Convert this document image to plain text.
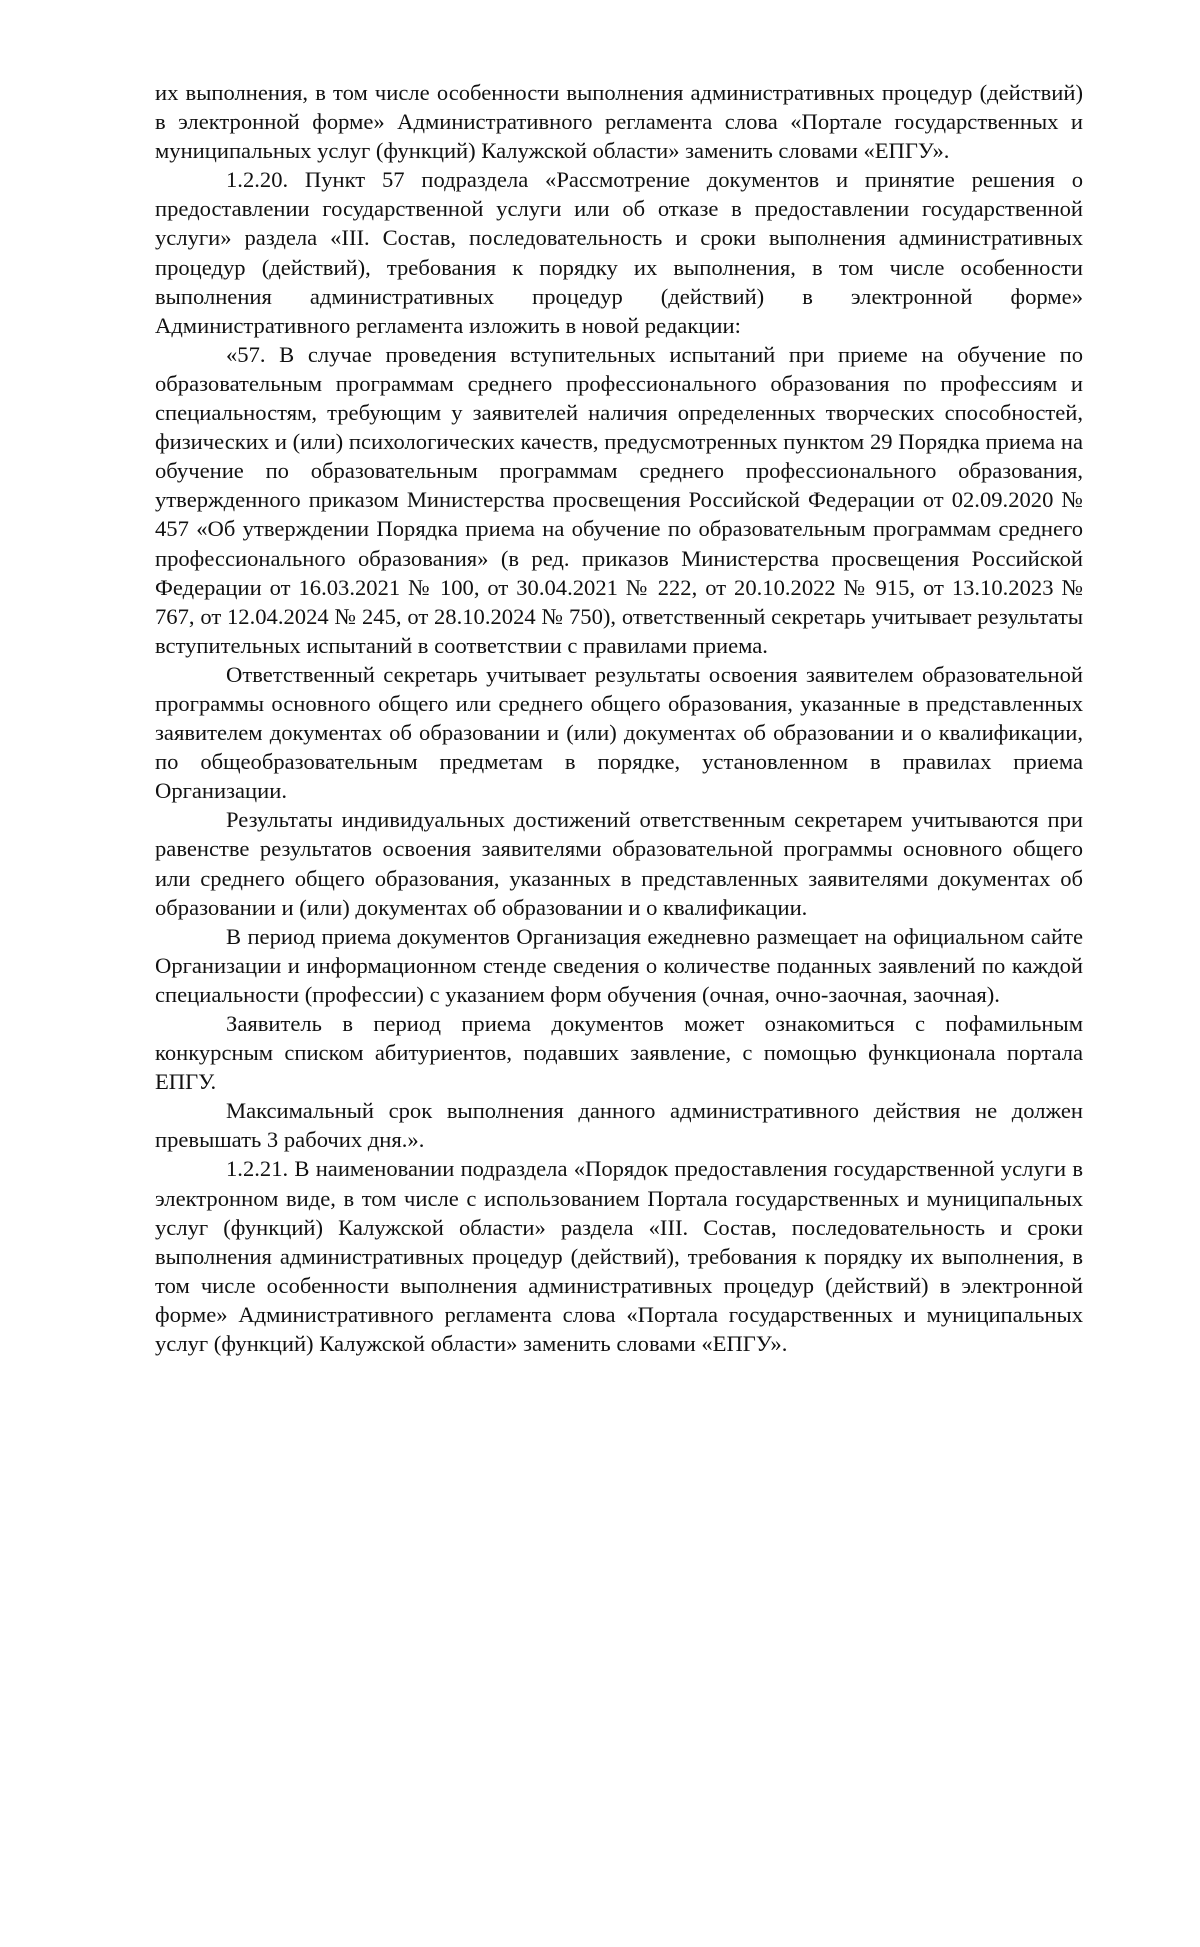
их выполнения, в том числе особенности выполнения административных процедур (действий) в электронной форме» Административного регламента слова «Портале государственных и муниципальных услуг (функций) Калужской области» заменить словами «ЕПГУ».

1.2.20. Пункт 57 подраздела «Рассмотрение документов и принятие решения о предоставлении государственной услуги или об отказе в предоставлении государственной услуги» раздела «III. Состав, последовательность и сроки выполнения административных процедур (действий), требования к порядку их выполнения, в том числе особенности выполнения административных процедур (действий) в электронной форме» Административного регламента изложить в новой редакции:

«57. В случае проведения вступительных испытаний при приеме на обучение по образовательным программам среднего профессионального образования по профессиям и специальностям, требующим у заявителей наличия определенных творческих способностей, физических и (или) психологических качеств, предусмотренных пунктом 29 Порядка приема на обучение по образовательным программам среднего профессионального образования, утвержденного приказом Министерства просвещения Российской Федерации от 02.09.2020 № 457 «Об утверждении Порядка приема на обучение по образовательным программам среднего профессионального образования» (в ред. приказов Министерства просвещения Российской Федерации от 16.03.2021 № 100, от 30.04.2021 № 222, от 20.10.2022 № 915, от 13.10.2023 № 767, от 12.04.2024 № 245, от 28.10.2024 № 750), ответственный секретарь учитывает результаты вступительных испытаний в соответствии с правилами приема.

Ответственный секретарь учитывает результаты освоения заявителем образовательной программы основного общего или среднего общего образования, указанные в представленных заявителем документах об образовании и (или) документах об образовании и о квалификации, по общеобразовательным предметам в порядке, установленном в правилах приема Организации.

Результаты индивидуальных достижений ответственным секретарем учитываются при равенстве результатов освоения заявителями образовательной программы основного общего или среднего общего образования, указанных в представленных заявителями документах об образовании и (или) документах об образовании и о квалификации.

В период приема документов Организация ежедневно размещает на официальном сайте Организации и информационном стенде сведения о количестве поданных заявлений по каждой специальности (профессии) с указанием форм обучения (очная, очно-заочная, заочная).

Заявитель в период приема документов может ознакомиться с пофамильным конкурсным списком абитуриентов, подавших заявление, с помощью функционала портала ЕПГУ.

Максимальный срок выполнения данного административного действия не должен превышать 3 рабочих дня.».

1.2.21. В наименовании подраздела «Порядок предоставления государственной услуги в электронном виде, в том числе с использованием Портала государственных и муниципальных услуг (функций) Калужской области» раздела «III. Состав, последовательность и сроки выполнения административных процедур (действий), требования к порядку их выполнения, в том числе особенности выполнения административных процедур (действий) в электронной форме» Административного регламента слова «Портала государственных и муниципальных услуг (функций) Калужской области» заменить словами «ЕПГУ».
